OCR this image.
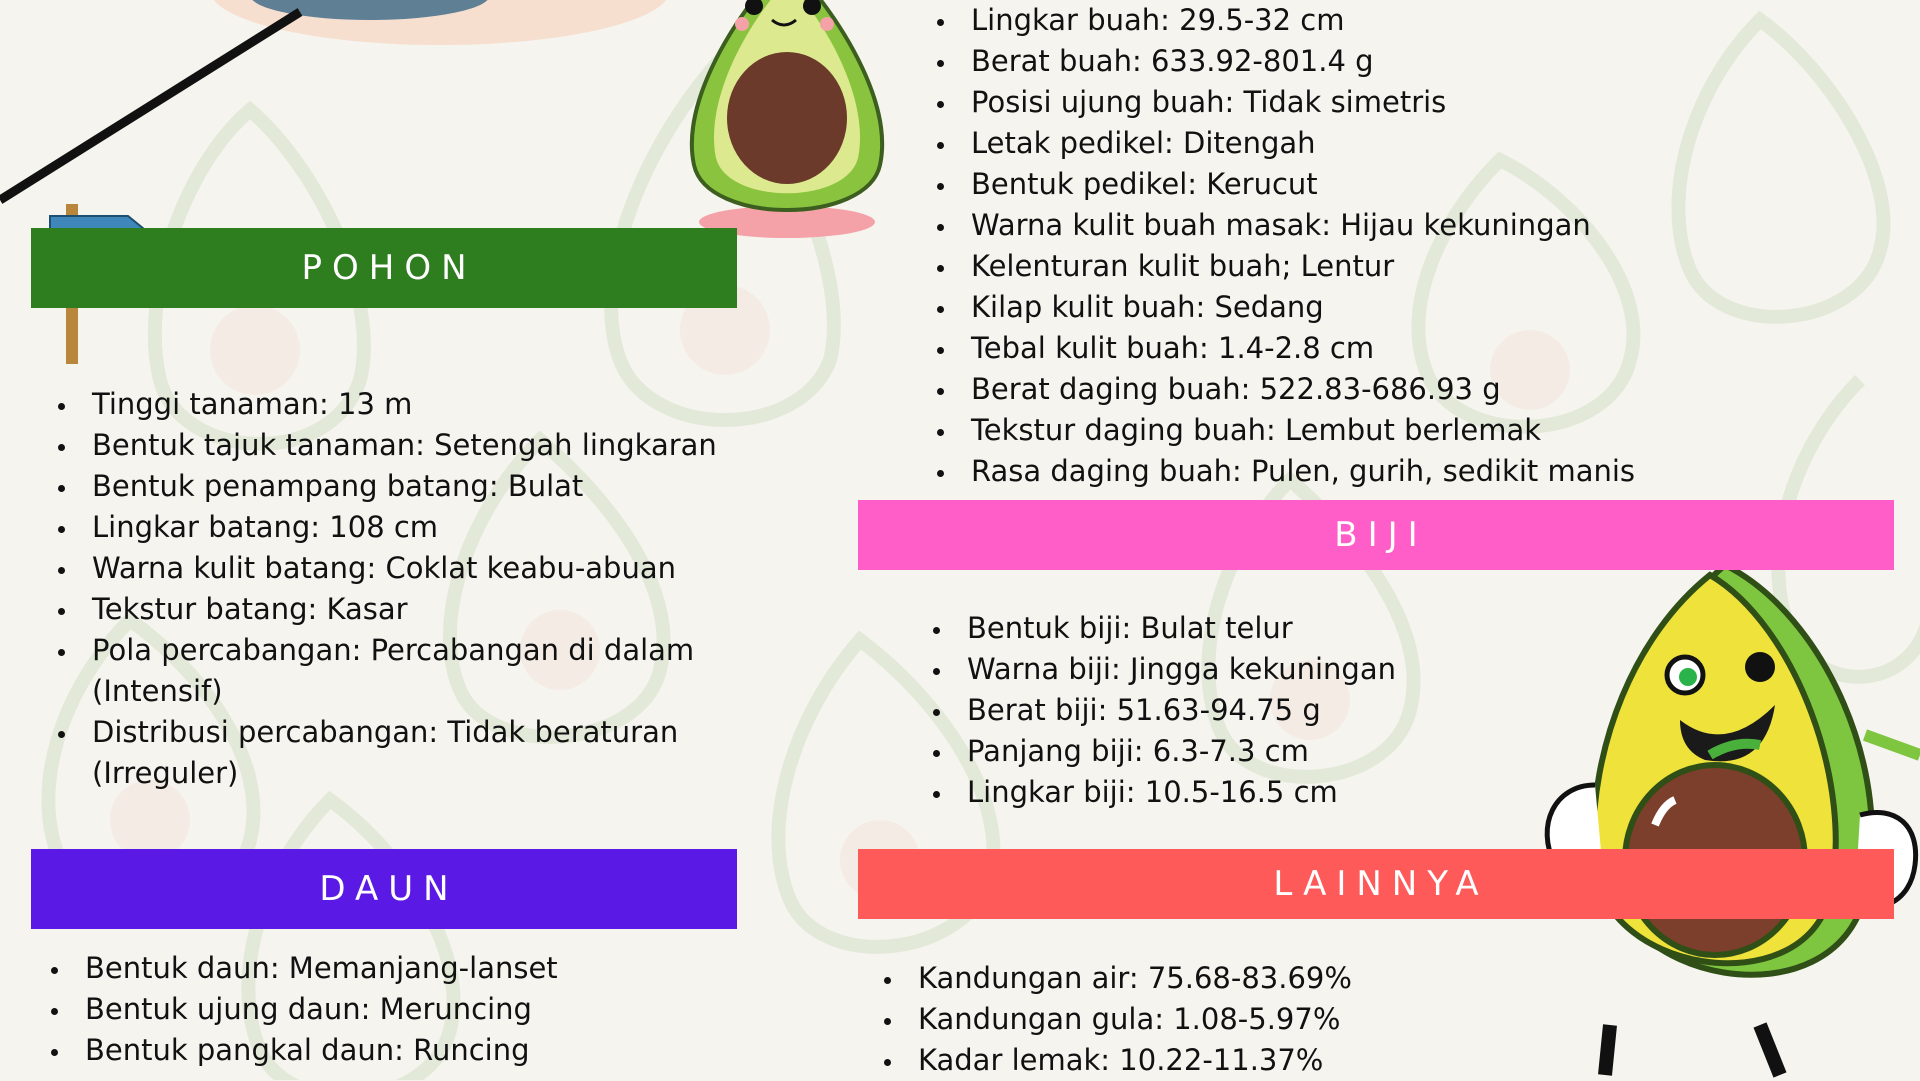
POHON
Tinggi tanaman: 13 m
Bentuk tajuk tanaman: Setengah lingkaran
Bentuk penampang batang: Bulat
Lingkar batang: 108 cm
Warna kulit batang: Coklat keabu-abuan
Tekstur batang: Kasar
Pola percabangan: Percabangan di dalam (Intensif)
Distribusi percabangan: Tidak beraturan (Irreguler)
DAUN
Bentuk daun: Memanjang-lanset
Bentuk ujung daun: Meruncing
Bentuk pangkal daun: Runcing
Lingkar buah: 29.5-32 cm
Berat buah: 633.92-801.4 g
Posisi ujung buah: Tidak simetris
Letak pedikel: Ditengah
Bentuk pedikel: Kerucut
Warna kulit buah masak: Hijau kekuningan
Kelenturan kulit buah; Lentur
Kilap kulit buah: Sedang
Tebal kulit buah: 1.4-2.8 cm
Berat daging buah: 522.83-686.93 g
Tekstur daging buah: Lembut berlemak
Rasa daging buah: Pulen, gurih, sedikit manis
BIJI
Bentuk biji: Bulat telur
Warna biji: Jingga kekuningan
Berat biji: 51.63-94.75 g
Panjang biji: 6.3-7.3 cm
Lingkar biji: 10.5-16.5 cm
LAINNYA
Kandungan air: 75.68-83.69%
Kandungan gula: 1.08-5.97%
Kadar lemak: 10.22-11.37%
